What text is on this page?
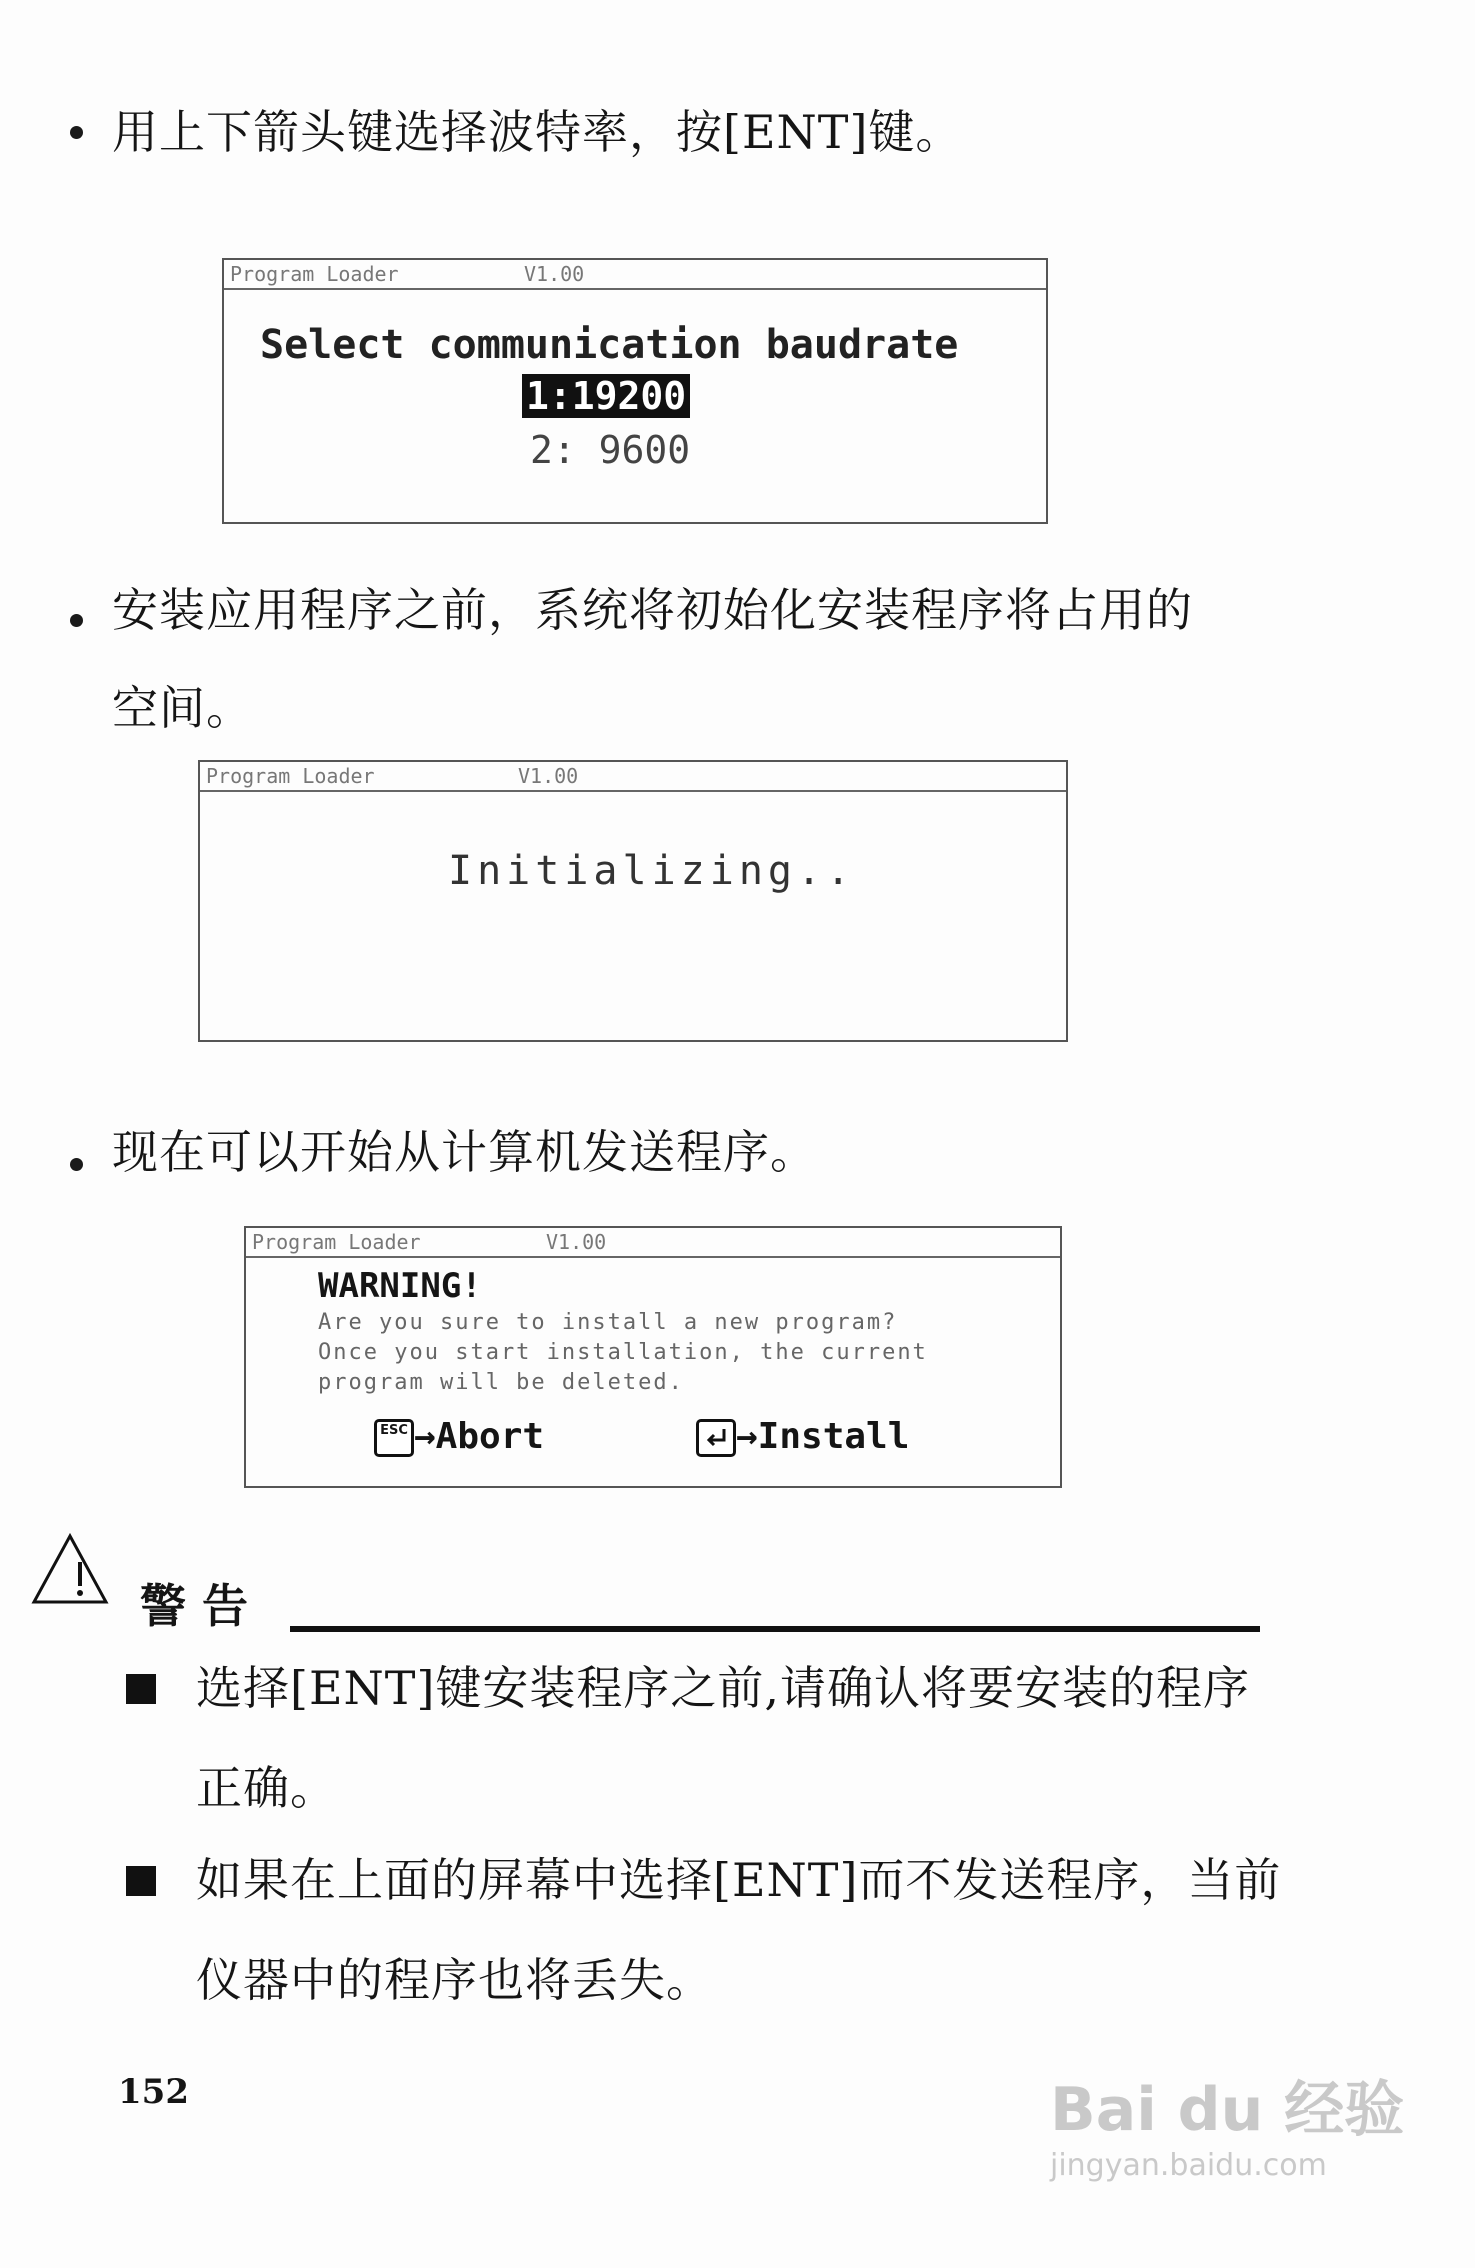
用上下箭头键选择波特率，按[ENT]键。
Program Loader	V1.00
Select communication baudrate
1:19200
2: 9600
安装应用程序之前，系统将初始化安装程序将占用的
空间。
Program Loader	V1.00
Initializing..
现在可以开始从计算机发送程序。
Program Loader	V1.00
WARNING!
Are you sure to install a new program?
Once you start installation, the current
program will be deleted.
ESC →Abort	→Install
警 告
选择[ENT]键安装程序之前,请确认将要安装的程序
正确。
如果在上面的屏幕中选择[ENT]而不发送程序，当前
仪器中的程序也将丢失。
152	Bai du 经验
jingyan.baidu.com
